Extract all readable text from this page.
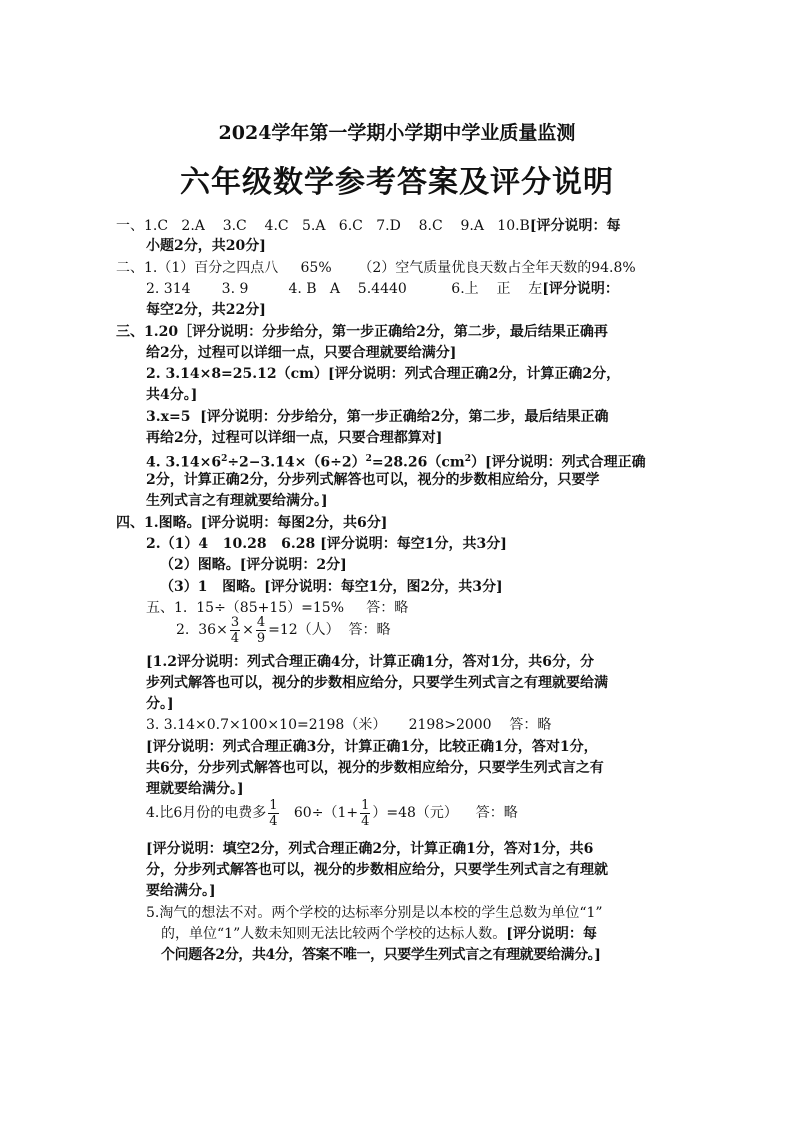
2024学年第一学期小学期中学业质量监测
六年级数学参考答案及评分说明
一、1.C   2.A    3.C    4.C   5.A   6.C   7.D    8.C    9.A   10.B[评分说明：每
小题2分，共20分]
二、1.（1）百分之四点八     65%      （2）空气质量优良天数占全年天数的94.8%
2. 314       3. 9         4. B   A    5.4440          6.上    正    左[评分说明：
每空2分，共22分]
三、1.20［评分说明：分步给分，第一步正确给2分，第二步，最后结果正确再
给2分，过程可以详细一点，只要合理就要给满分]
2. 3.14×8=25.12（cm）[评分说明：列式合理正确2分，计算正确2分，
共4分。]
3.x=5  [评分说明：分步给分，第一步正确给2分，第二步，最后结果正确
再给2分，过程可以详细一点，只要合理都算对]
4. $3.14\times 6^2\div 2-3.14\times(6\div 2)^2=28.26(cm^2)$[评分说明：列式合理正确
2分，计算正确2分，分步列式解答也可以，视分的步数相应给分，只要学
生列式言之有理就要给满分。]
四、1.图略。[评分说明：每图2分，共6分]
2.（1）4   10.28   6.28 [评分说明：每空1分，共3分]
（2）图略。[评分说明：2分]
（3）1   图略。[评分说明：每空1分，图2分，共3分]
五、1.  15÷（85+15）=15%     答：略
2.  $36\times \frac{3}{4} \times \frac{4}{9} =12$（人）  答：略
[1.2评分说明：列式合理正确4分，计算正确1分，答对1分，共6分，分
步列式解答也可以，视分的步数相应给分，只要学生列式言之有理就要给满
分。]
3. 3.14×0.7×100×10=2198（米）     2198>2000    答：略
[评分说明：列式合理正确3分，计算正确1分，比较正确1分，答对1分，
共6分，分步列式解答也可以，视分的步数相应给分，只要学生列式言之有
理就要给满分。]
4.比6月份的电费多 $\frac{1}{4} 60\div(1+ \frac{1}{4} )=48$（元）    答：略
[评分说明：填空2分，列式合理正确2分，计算正确1分，答对1分，共6
分，分步列式解答也可以，视分的步数相应给分，只要学生列式言之有理就
要给满分。]
5.淘气的想法不对。两个学校的达标率分别是以本校的学生总数为单位“1”
的，单位“1”人数未知则无法比较两个学校的达标人数。[评分说明：每
个问题各2分，共4分，答案不唯一，只要学生列式言之有理就要给满分。]
